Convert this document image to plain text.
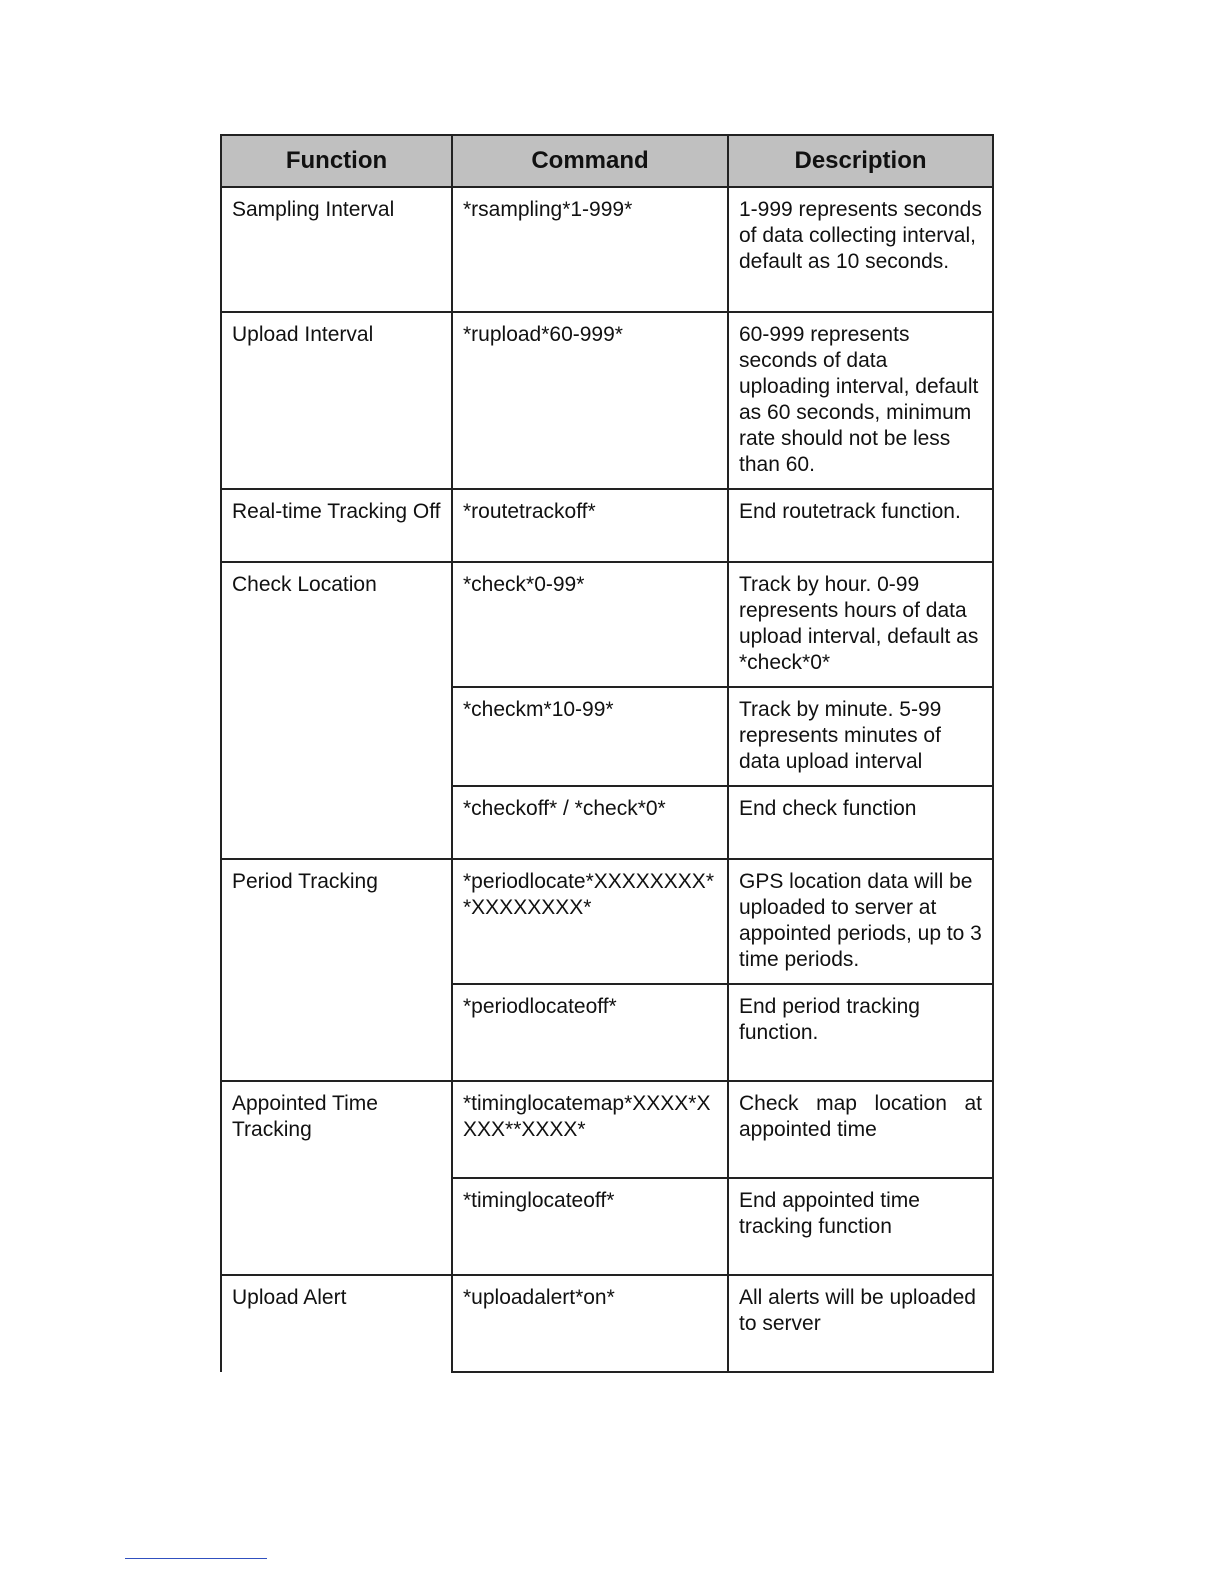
Function	Command	Description
Sampling Interval	*rsampling*1-999*	1-999 represents seconds of data collecting interval, default as 10 seconds.
Upload Interval	*rupload*60-999*	60-999 represents seconds of data uploading interval, default as 60 seconds, minimum rate should not be less than 60.
Real-time Tracking Off	*routetrackoff*	End routetrack function.
Check Location	*check*0-99*	Track by hour. 0-99 represents hours of data upload interval, default as *check*0*
	*checkm*10-99*	Track by minute. 5-99 represents minutes of data upload interval
	*checkoff* / *check*0*	End check function
Period Tracking	*periodlocate*XXXXXXXX**XXXXXXXX*	GPS location data will be uploaded to server at appointed periods, up to 3 time periods.
	*periodlocateoff*	End period tracking function.
Appointed Time Tracking	*timinglocatemap*XXXX*XXXX**XXXX*	Check map location at appointed time
	*timinglocateoff*	End appointed time tracking function
Upload Alert	*uploadalert*on*	All alerts will be uploaded to server
